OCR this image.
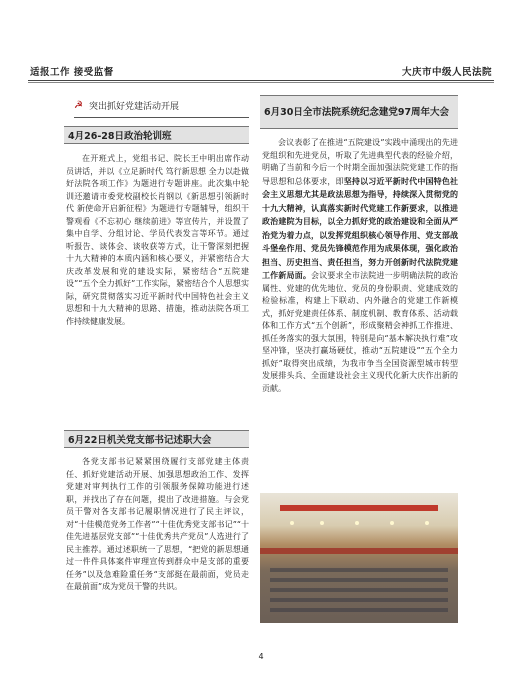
适报工作 接受监督	大庆市中级人民法院
☭ 突出抓好党建活动开展
4月26-28日政治轮训班
在开班式上，党组书记、院长王中明出席作动员讲话，并以《立足新时代 笃行新思想 全力以赴做好法院各项工作》为题进行专题讲座。此次集中轮训还邀请市委党校副校长肖钢以《新思想引领新时代 新使命开启新征程》为题进行专题辅导，组织干警观看《不忘初心 继续前进》等宣传片，并设置了集中自学、分组讨论、学员代表发言等环节。通过听报告、谈体会、谈收获等方式，让干警深刻把握十九大精神的本质内涵和核心要义，并紧密结合大庆改革发展和党的建设实际，紧密结合“五院建设”“五个全力抓好”工作实际，紧密结合个人思想实际，研究贯彻落实习近平新时代中国特色社会主义思想和十九大精神的思路、措施，推动法院各项工作持续健康发展。
6月22日机关党支部书记述职大会
各党支部书记紧紧围绕履行支部党建主体责任、抓好党建活动开展、加强思想政治工作、发挥党建对审判执行工作的引领服务保障功能进行述职，并找出了存在问题，提出了改进措施。与会党员干警对各支部书记履职情况进行了民主评议，对“十佳模范党务工作者”“十佳优秀党支部书记”“十佳先进基层党支部”“十佳优秀共产党员”人选进行了民主推荐。通过述职统一了思想，“把党的新思想通过一件件具体案件审理宣传到群众中是支部的重要任务”以及急难险重任务“支部挺在最前面，党员走在最前面”成为党员干警的共识。
6月30日全市法院系统纪念建党97周年大会
会议表彰了在推进“五院建设”实践中涌现出的先进党组织和先进党员，听取了先进典型代表的经验介绍，明确了当前和今后一个时期全面加强法院党建工作的指导思想和总体要求，即坚持以习近平新时代中国特色社会主义思想尤其是政法思想为指导，持续深入贯彻党的十九大精神，认真落实新时代党建工作新要求，以推进政治建院为目标，以全力抓好党的政治建设和全面从严治党为着力点，以发挥党组织核心领导作用、党支部战斗堡垒作用、党员先锋模范作用为成果体现，强化政治担当、历史担当、责任担当，努力开创新时代法院党建工作新局面。会议要求全市法院进一步明确法院的政治属性、党建的优先地位、党员的身份职责、党建成效的检验标准，构建上下联动、内外融合的党建工作新模式，抓好党建责任体系、制度机制、教育体系、活动载体和工作方式“五个创新”，形成聚精会神抓工作推进、抓任务落实的强大氛围，特别是向“基本解决执行难”攻坚冲锋，坚决打赢场硬仗，推动“五院建设”“五个全力抓好”取得突出成绩，为我市争当全国资源型城市转型发展排头兵、全面建设社会主义现代化新大庆作出新的贡献。
4
